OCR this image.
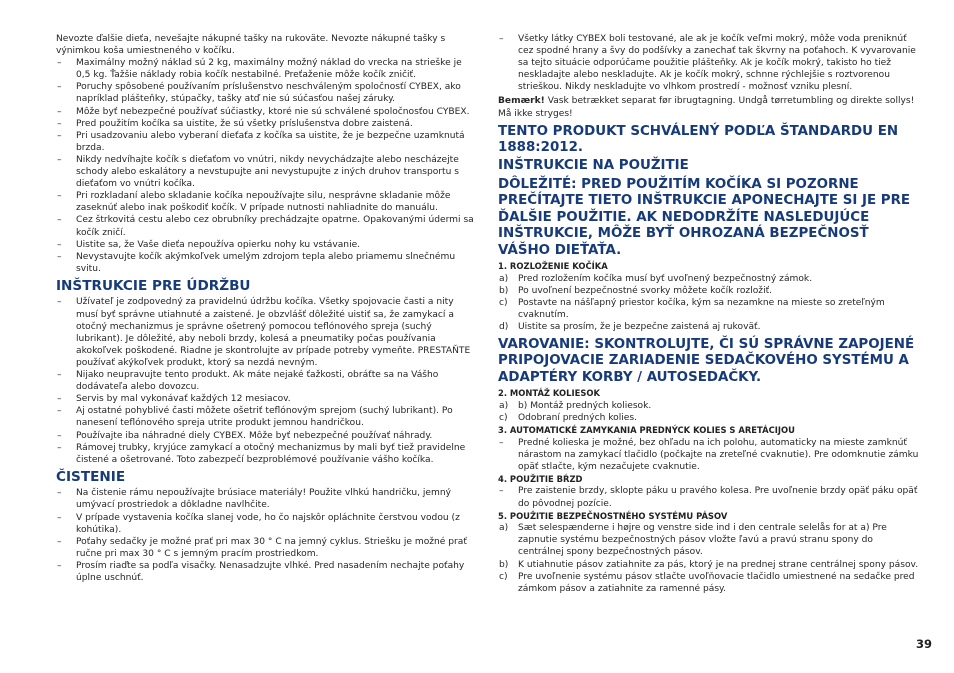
Nevozte ďalšie dieťa, nevešajte nákupné tašky na rukoväte. Nevozte nákupné tašky s výnimkou koša umiestneného v kočíku.

– Maximálny možný náklad sú 2 kg, maximálny možný náklad do vrecka na strieške je 0,5 kg. Ťažšie náklady robia kočík nestabilné. Preťaženie môže kočík zničiť.
– Poruchy spôsobené používaním príslušenstvo neschváleným spoločnosťí CYBEX, ako napríklad plášteňky, stúpačky, tašky atď nie sú súčasťou našej záruky.
– Môže byť nebezpečné používať súčiastky, ktoré nie sú schválené spoločnosťou CYBEX.
– Pred použitím kočíka sa uistite, že sú všetky príslušenstva dobre zaistená.
– Pri usadzovaniu alebo vyberaní dieťaťa z kočíka sa uistite, že je bezpečne uzamknutá brzda.
– Nikdy nedvíhajte kočík s dieťaťom vo vnútri, nikdy nevychádzajte alebo nescházejte schody alebo eskalátory a nevstupujte ani nevystupujte z iných druhov transportu s dieťaťom vo vnútri kočíka.
– Pri rozkladaní alebo skladanie kočíka nepoužívajte silu, nesprávne skladanie môže zaseknúť alebo inak poškodiť kočík. V prípade nutnosti nahliadnite do manuálu.
– Cez štrkovitá cestu alebo cez obrubníky prechádzajte opatrne. Opakovanými údermi sa kočík zničí.
– Uistite sa, že Vaše dieťa nepoužíva opierku nohy ku vstávanie.
– Nevystavujte kočík akýmkoľvek umelým zdrojom tepla alebo priamemu slnečnému svitu.
INŠTRUKCIE PRE ÚDRŽBU
– Užívateľ je zodpovedný za pravidelnú údržbu kočíka. Všetky spojovacie časti a nity musí byť správne utiahnuté a zaistené. Je obzvlášť dôležité uistiť sa, že zamykací a otočný mechanizmus je správne ošetrený pomocou teflónového spreja (suchý lubrikant). Je dôležité, aby neboli brzdy, kolesá a pneumatiky počas používania akokoľvek poškodené. Riadne je skontrolujte av prípade potreby vymeňte. PRESTAŇTE používať akýkoľvek produkt, ktorý sa nezdá nevným.
– Nijako neupravujte tento produkt. Ak máte nejaké ťažkosti, obráťte sa na Vášho dodávateľa alebo dovozcu.
– Servis by mal vykonávať každých 12 mesiacov.
– Aj ostatné pohyblivé časti môžete ošetriť teflónovým sprejom (suchý lubrikant). Po nanesení teflónového spreja utrite produkt jemnou handričkou.
– Používajte iba náhradné diely CYBEX. Môže byť nebezpečné používať náhrady.
– Rámovej trubky, kryjúce zamykací a otočný mechanizmus by mali byť tiež pravidelne čistené a ošetrované. Toto zabezpečí bezproblémové používanie vášho kočíka.
ČISTENIE
– Na čistenie rámu nepoužívajte brúsiace materiály! Použite vlhkú handričku, jemný umývací prostriedok a dôkladne navlhčite.
– V prípade vystavenia kočíka slanej vode, ho čo najskôr opláchnite čerstvou vodou (z kohútika).
– Poťahy sedačky je možné prať pri max 30 ° C na jemný cyklus. Striešku je možné prať ručne pri max 30 ° C s jemným pracím prostriedkom.
– Prosím riaďte sa podľa visačky. Nenasadzujte vlhké. Pred nasadením nechajte poťahy úplne uschnúť.
– Všetky látky CYBEX boli testované, ale ak je kočík veľmi mokrý, môže voda preniknúť cez spodné hrany a švy do podšívky a zanechať tak škvrny na poťahoch. K vyvarovanie sa tejto situácie odporúčame použitie plášteňky. Ak je kočík mokrý, takisto ho tiež neskladajte alebo neskladujte. Ak je kočík mokrý, schnne rýchlejšie s roztvorenou strieškou. Nikdy neskladujte vo vlhkom prostredí - možnosť vzniku plesní.

Bemærk! Vask betrækket separat før ibrugtagning. Undgå tørretumbling og direkte sollys! Må ikke stryges!

TENTO PRODUKT SCHVÁLENÝ PODĽA ŠTANDARDU EN 1888:2012.
INŠTRUKCIE NA POUŽITIE
DÔLEŽITÉ: PRED POUŽITÍM KOČÍKA SI POZORNE PREČÍTAJTE TIETO INŠTRUKCIE APONECHAJTE SI JE PRE ĎALŠIE POUŽITIE. AK NEDODRŽÍTE NASLEDUJÚCE INŠTRUKCIE, MÔŽE BYŤ OHROZANÁ BEZPEČNOSŤ VÁŠHO DIEŤAŤA.
1. ROZLOŽENIE KOČÍKA
a) Pred rozložením kočíka musí byť uvoľnený bezpečnostný zámok.
b) Po uvoľnení bezpečnostné svorky môžete kočík rozložiť.
c) Postavte na nášľapný priestor kočíka, kým sa nezamkne na mieste so zreteľným cvaknutím.
d) Uistite sa prosím, že je bezpečne zaistená aj rukoväť.
VAROVANIE: SKONTROLUJTE, ČI SÚ SPRÁVNE ZAPOJENÉ PRIPOJOVACIE ZARIADENIE SEDAČKOVÉHO SYSTÉMU A ADAPTÉRY KORBY / AUTOSEDAČKY.
2. MONTÁŽ KOLIESOK
a) b) Montáž predných koliesok.
c) Odobraní predných kolies.
3. AUTOMATICKÉ ZAMYKANIA PREDNÝCK KOLIES S ARETÁCIJOU
– Predné kolieska je možné, bez ohľadu na ich polohu, automaticky na mieste zamknúť nárastom na zamykací tlačidlo (počkajte na zreteľné cvaknutie). Pre odomknutie zámku opäť stlačte, kým nezačujete cvaknutie.
4. POUŽITIE BŔZD
– Pre zaistenie brzdy, sklopte páku u pravého kolesa. Pre uvoľnenie brzdy opäť páku opäť do pôvodnej pozície.
5. POUŽITIE BEZPEČNOSTNÉHO SYSTÉMU PÁSOV
a) Sæt selespænderne i højre og venstre side ind i den centrale selelås for at a) Pre zapnutie systému bezpečnostných pásov vložte ľavú a pravú stranu spony do centrálnej spony bezpečnostných pásov.
b) K utiahnutie pásov zatiahnite za pás, ktorý je na prednej strane centrálnej spony pásov.
c) Pre uvoľnenie systému pásov stlačte uvoľňovacie tlačidlo umiestnené na sedačke pred zámkom pásov a zatiahnite za ramenné pásy.
39
